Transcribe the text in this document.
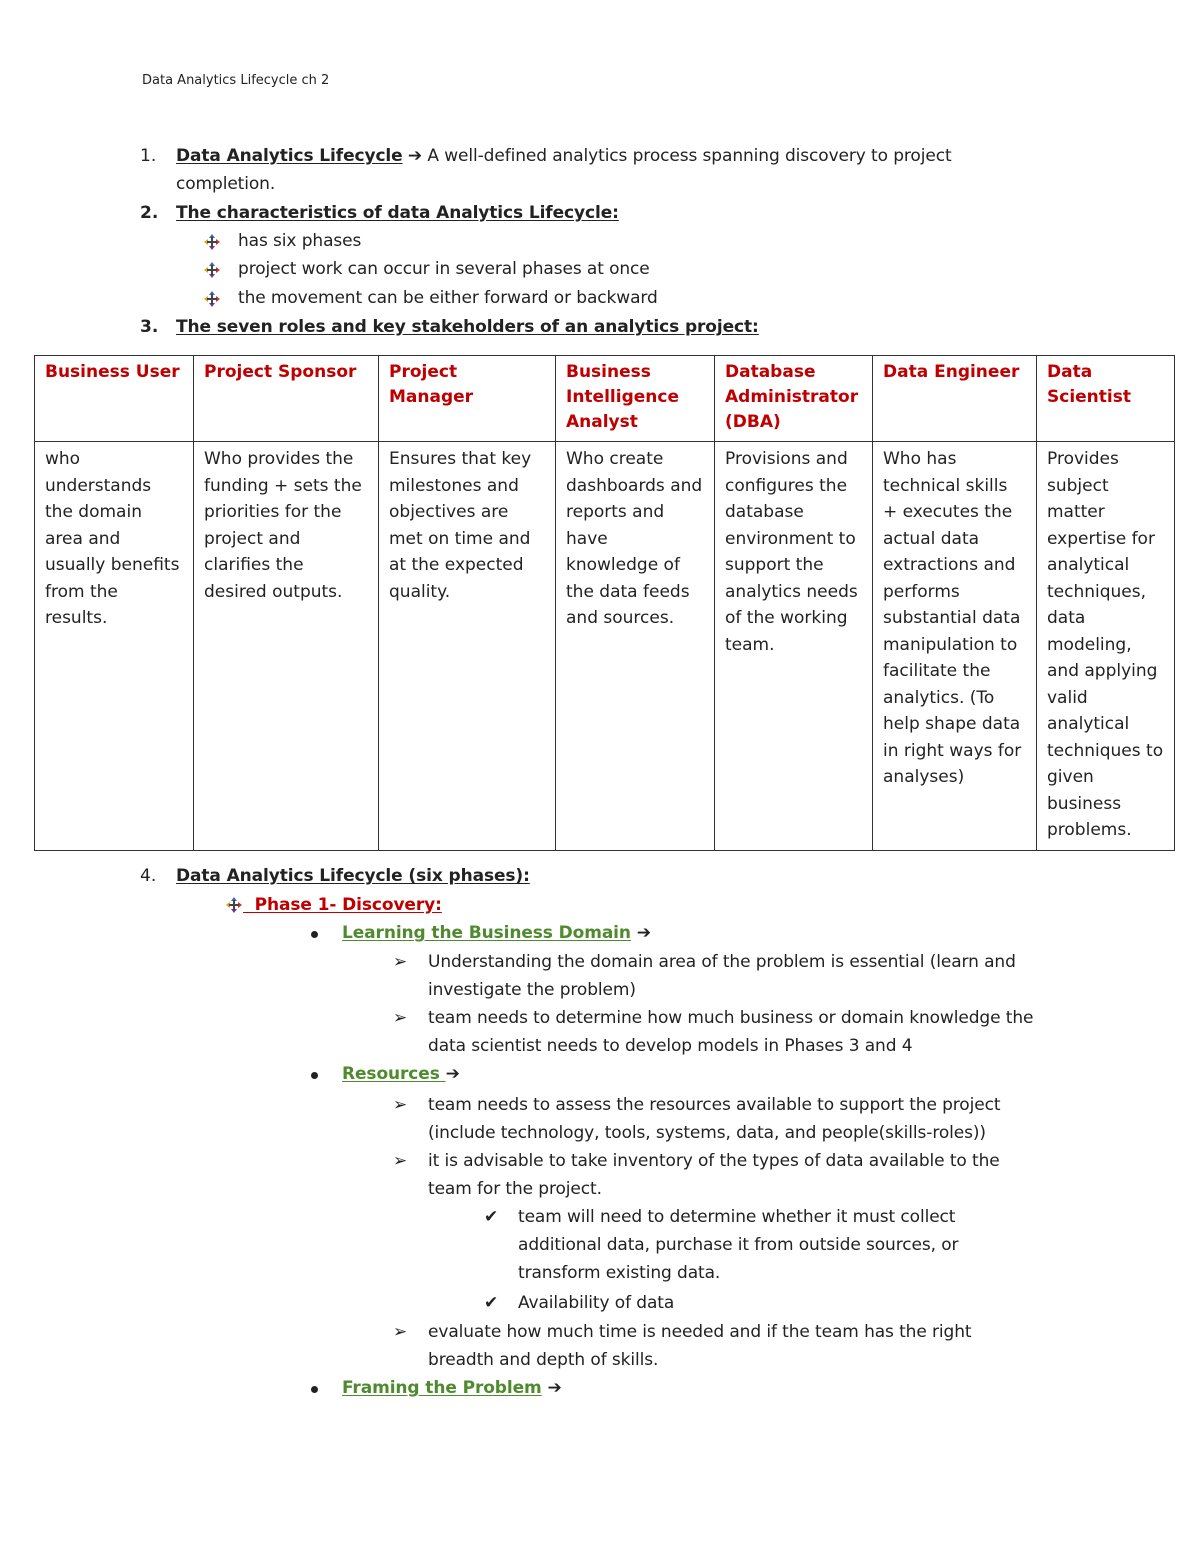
Data Analytics Lifecycle ch 2
1. Data Analytics Lifecycle ➔ A well-defined analytics process spanning discovery to project
completion.
2. The characteristics of data Analytics Lifecycle:
has six phases
project work can occur in several phases at once
the movement can be either forward or backward
3. The seven roles and key stakeholders of an analytics project:
Business User	Project Sponsor	Project Manager	Business Intelligence Analyst	Database Administrator (DBA)	Data Engineer	Data Scientist
who understands the domain area and usually benefits from the results.	Who provides the funding + sets the priorities for the project and clarifies the desired outputs.	Ensures that key milestones and objectives are met on time and at the expected quality.	Who create dashboards and reports and have knowledge of the data feeds and sources.	Provisions and configures the database environment to support the analytics needs of the working team.	Who has technical skills + executes the actual data extractions and performs substantial data manipulation to facilitate the analytics. (To help shape data in right ways for analyses)	Provides subject matter expertise for analytical techniques, data modeling, and applying valid analytical techniques to given business problems.
4. Data Analytics Lifecycle (six phases):
Phase 1- Discovery:
Learning the Business Domain ➔
➢ Understanding the domain area of the problem is essential (learn and
investigate the problem)
➢ team needs to determine how much business or domain knowledge the
data scientist needs to develop models in Phases 3 and 4
Resources ➔
➢ team needs to assess the resources available to support the project
(include technology, tools, systems, data, and people(skills-roles))
➢ it is advisable to take inventory of the types of data available to the
team for the project.
✔ team will need to determine whether it must collect
additional data, purchase it from outside sources, or
transform existing data.
✔ Availability of data
➢ evaluate how much time is needed and if the team has the right
breadth and depth of skills.
Framing the Problem ➔
